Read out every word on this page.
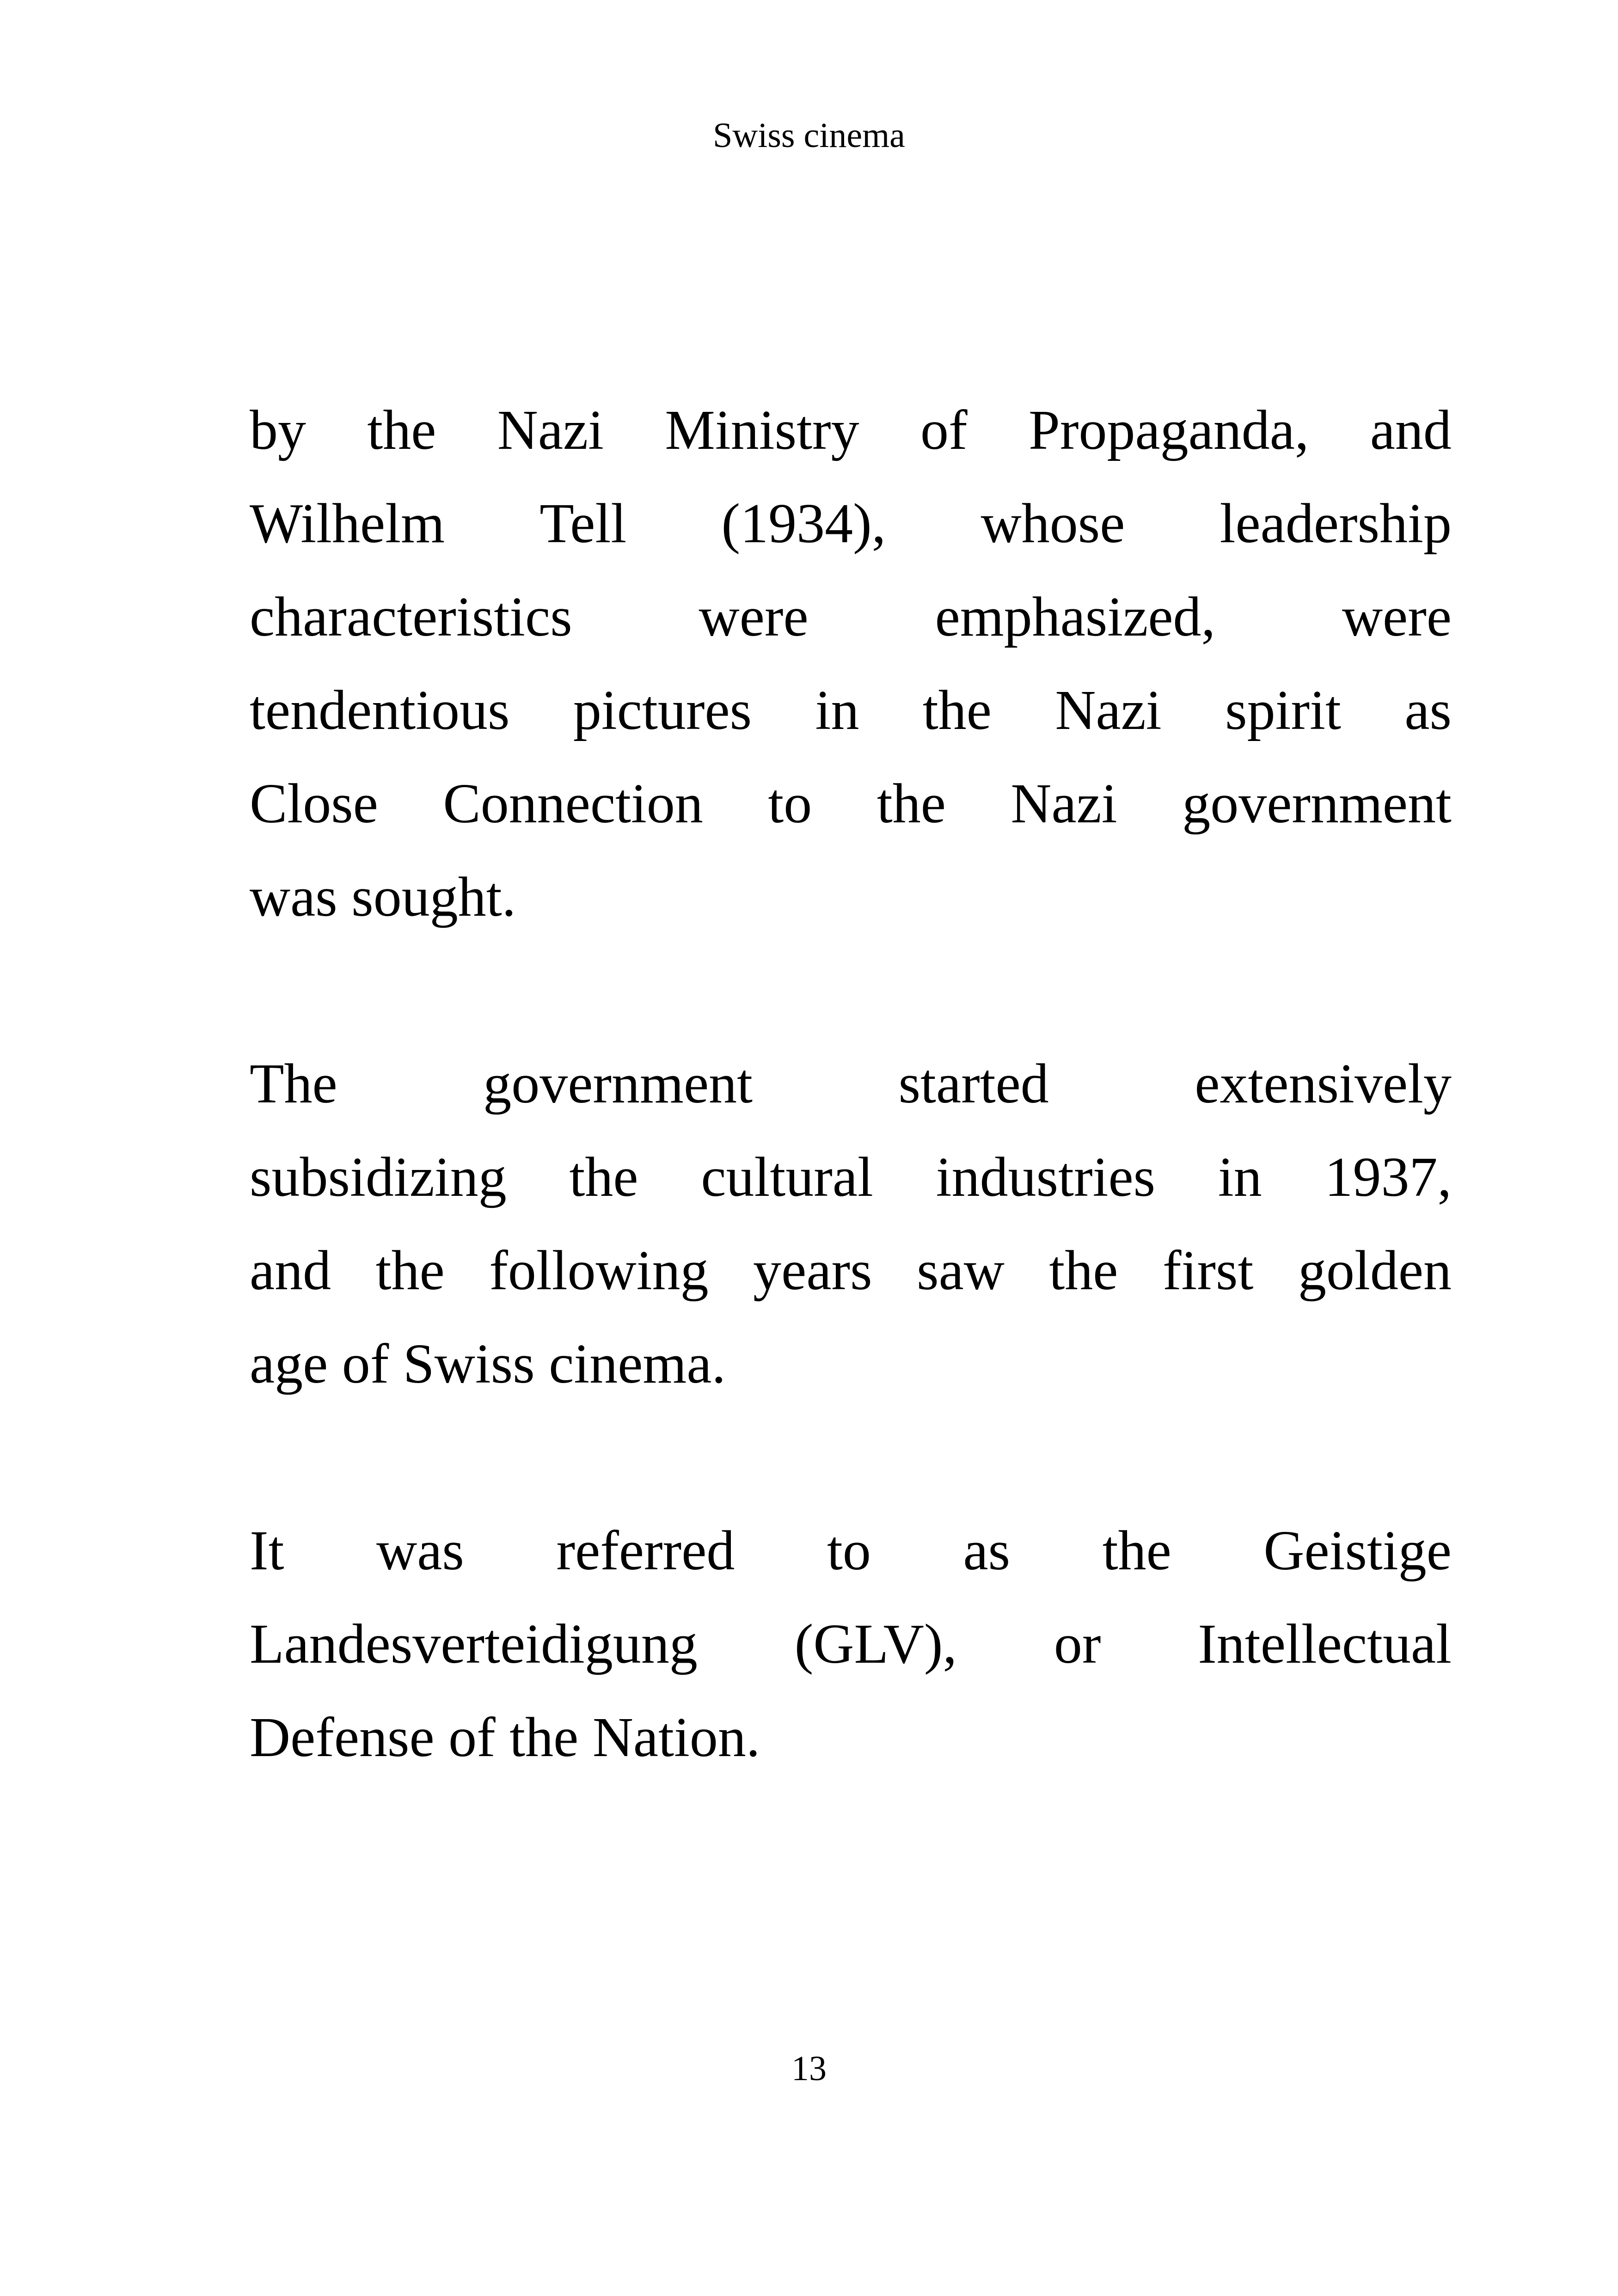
Swiss cinema
by the Nazi Ministry of Propaganda, and
Wilhelm Tell (1934), whose leadership
characteristics were emphasized, were
tendentious pictures in the Nazi spirit as
Close Connection to the Nazi government
was sought.
The	government	started	extensively
subsidizing the cultural industries in 1937,
and the following years saw the first golden
age of Swiss cinema.
It was referred to as the Geistige
Landesverteidigung (GLV), or Intellectual
Defense of the Nation.
13
